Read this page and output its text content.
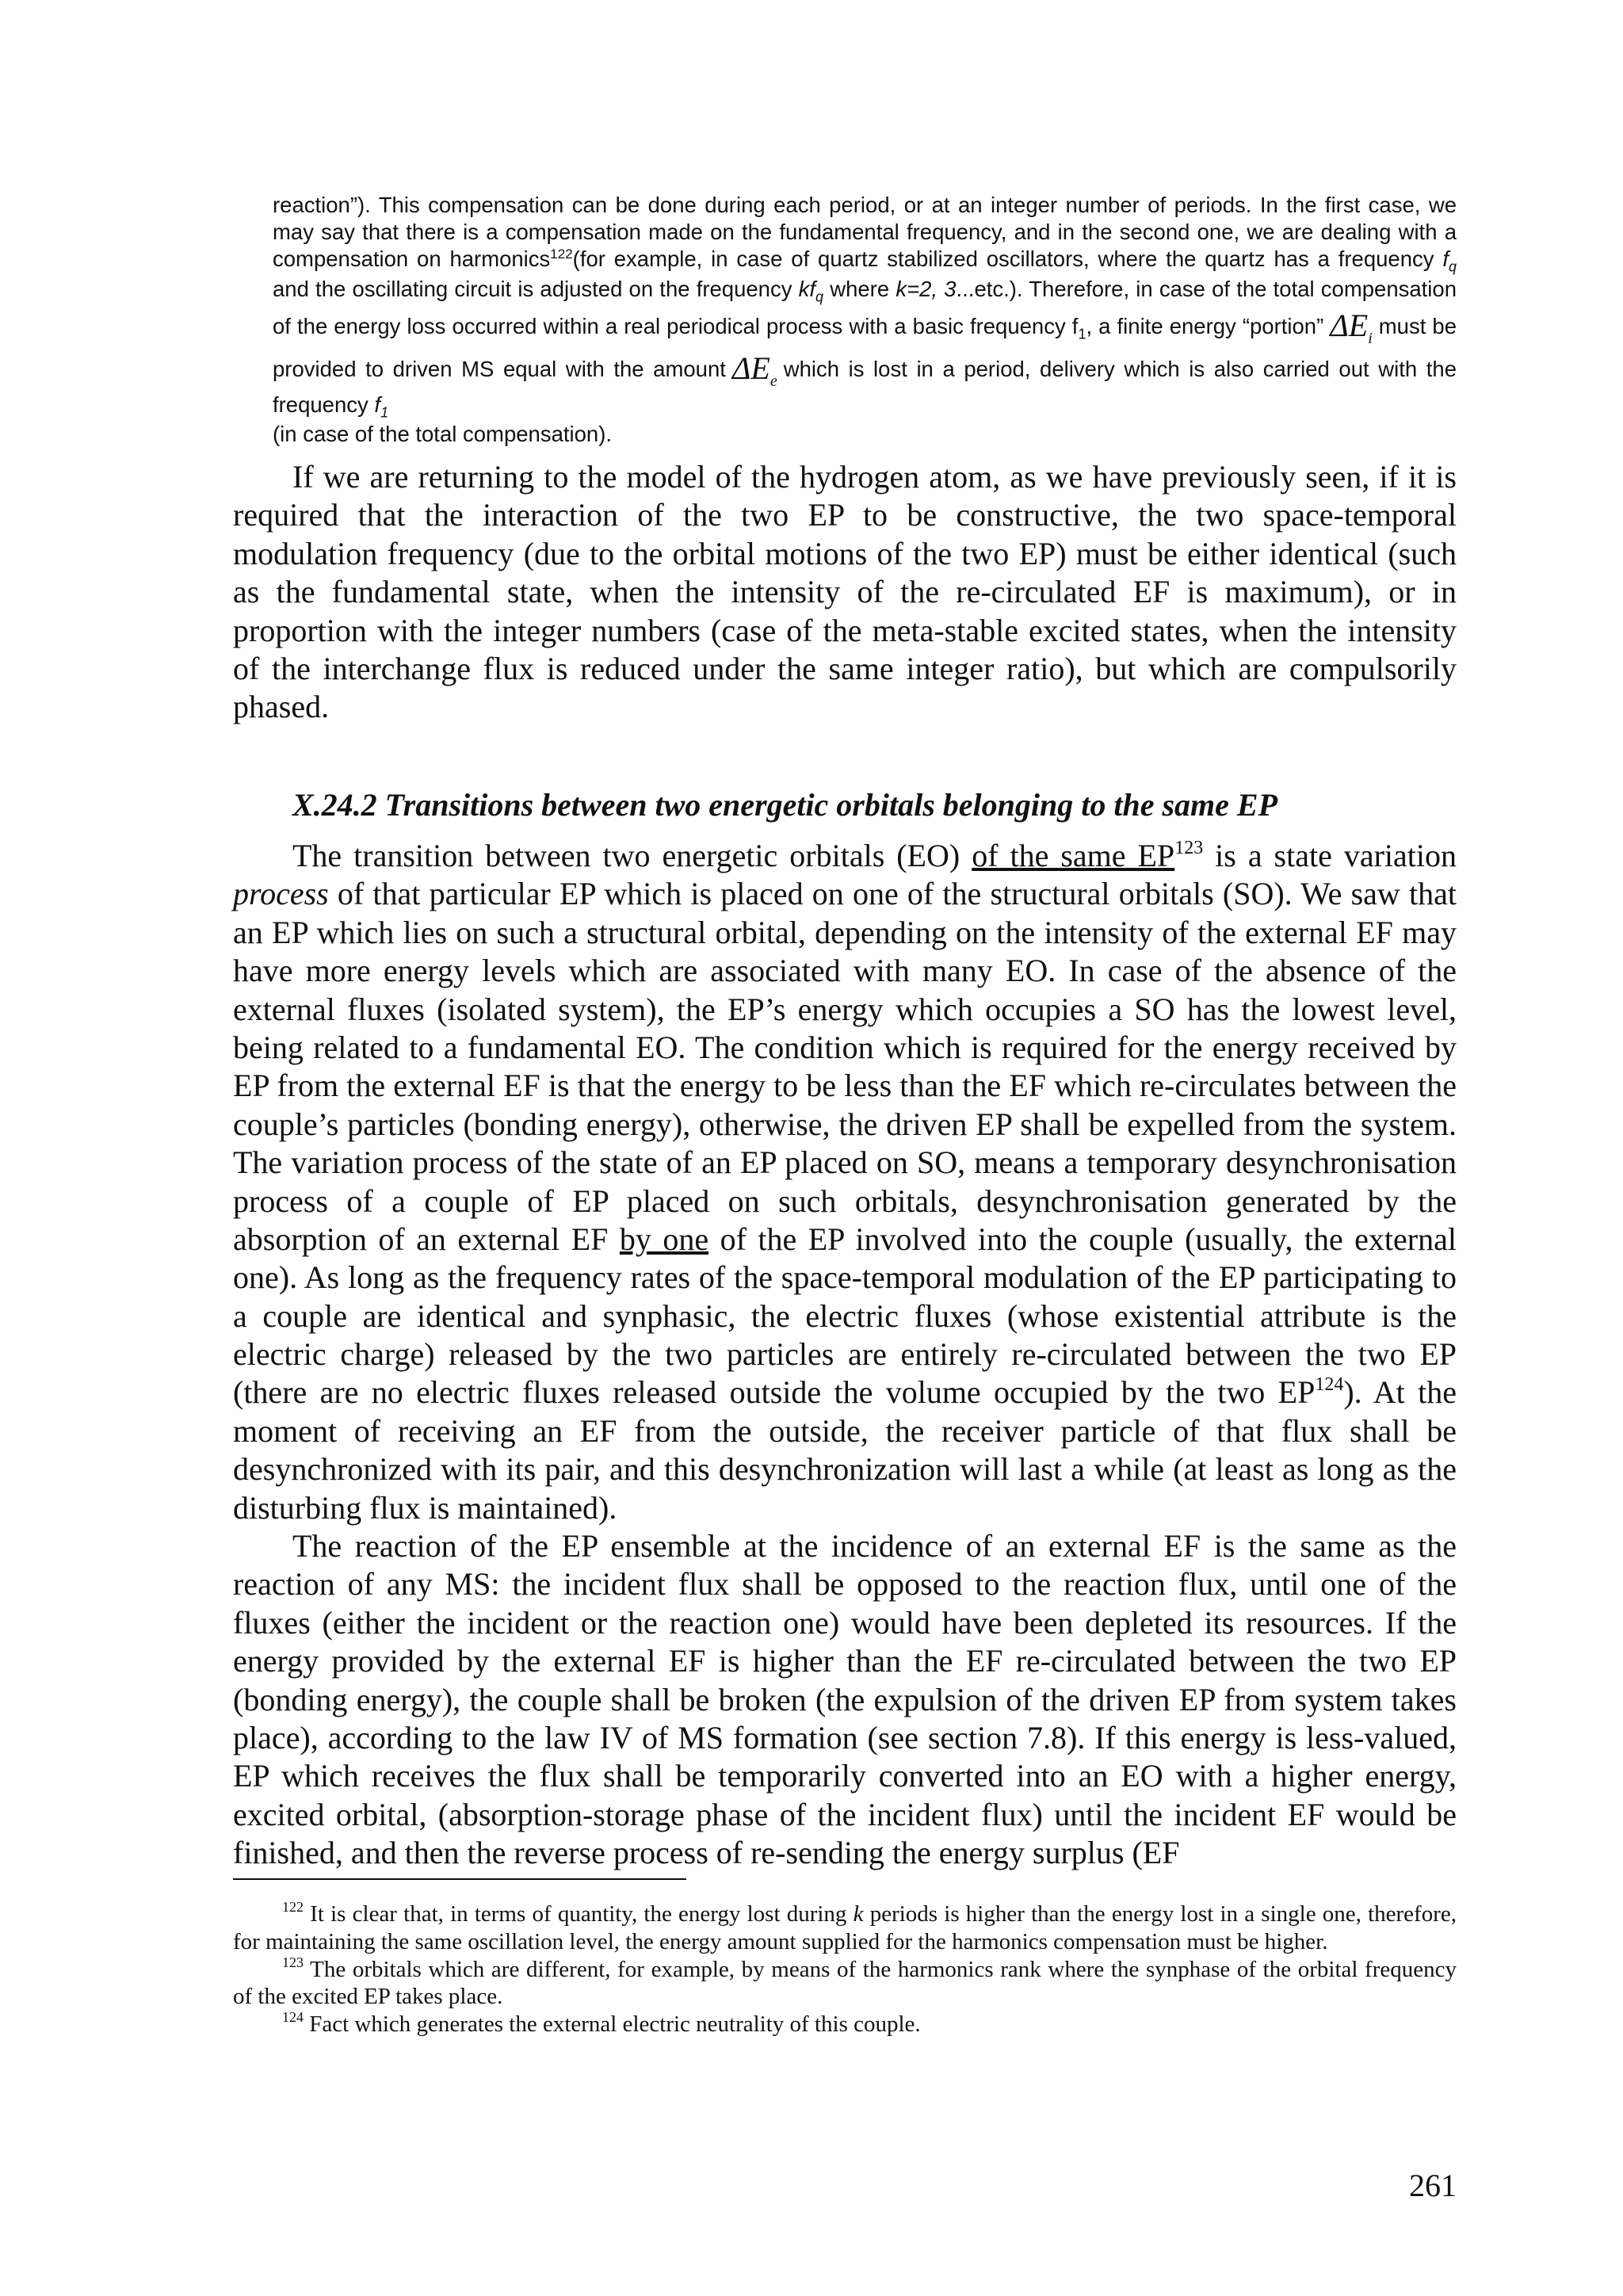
reaction”). This compensation can be done during each period, or at an integer number of periods. In the first case, we may say that there is a compensation made on the fundamental frequency, and in the second one, we are dealing with a compensation on harmonics$^{122}$(for example, in case of quartz stabilized oscillators, where the quartz has a frequency $f_q$ and the oscillating circuit is adjusted on the frequency $kf_q$ where k=2, 3...etc.). Therefore, in case of the total compensation of the energy loss occurred within a real periodical process with a basic frequency $f_1$, a finite energy “portion” $\Delta E_i$ must be provided to driven MS equal with the amount $\Delta E_e$ which is lost in a period, delivery which is also carried out with the frequency $f_1$
(in case of the total compensation).

If we are returning to the model of the hydrogen atom, as we have previously seen, if it is required that the interaction of the two EP to be constructive, the two space-temporal modulation frequency (due to the orbital motions of the two EP) must be either identical (such as the fundamental state, when the intensity of the re-circulated EF is maximum), or in proportion with the integer numbers (case of the meta-stable excited states, when the intensity of the interchange flux is reduced under the same integer ratio), but which are compulsorily phased.

X.24.2 Transitions between two energetic orbitals belonging to the same EP

The transition between two energetic orbitals (EO) of the same EP$^{123}$ is a state variation process of that particular EP which is placed on one of the structural orbitals (SO). We saw that an EP which lies on such a structural orbital, depending on the intensity of the external EF may have more energy levels which are associated with many EO. In case of the absence of the external fluxes (isolated system), the EP’s energy which occupies a SO has the lowest level, being related to a fundamental EO. The condition which is required for the energy received by EP from the external EF is that the energy to be less than the EF which re-circulates between the couple’s particles (bonding energy), otherwise, the driven EP shall be expelled from the system. The variation process of the state of an EP placed on SO, means a temporary desynchronisation process of a couple of EP placed on such orbitals, desynchronisation generated by the absorption of an external EF by one of the EP involved into the couple (usually, the external one). As long as the frequency rates of the space-temporal modulation of the EP participating to a couple are identical and synphasic, the electric fluxes (whose existential attribute is the electric charge) released by the two particles are entirely re-circulated between the two EP (there are no electric fluxes released outside the volume occupied by the two EP$^{124}$). At the moment of receiving an EF from the outside, the receiver particle of that flux shall be desynchronized with its pair, and this desynchronization will last a while (at least as long as the disturbing flux is maintained).

The reaction of the EP ensemble at the incidence of an external EF is the same as the reaction of any MS: the incident flux shall be opposed to the reaction flux, until one of the fluxes (either the incident or the reaction one) would have been depleted its resources. If the energy provided by the external EF is higher than the EF re-circulated between the two EP (bonding energy), the couple shall be broken (the expulsion of the driven EP from system takes place), according to the law IV of MS formation (see section 7.8). If this energy is less-valued, EP which receives the flux shall be temporarily converted into an EO with a higher energy, excited orbital, (absorption-storage phase of the incident flux) until the incident EF would be finished, and then the reverse process of re-sending the energy surplus (EF

$^{122}$ It is clear that, in terms of quantity, the energy lost during k periods is higher than the energy lost in a single one, therefore, for maintaining the same oscillation level, the energy amount supplied for the harmonics compensation must be higher.

$^{123}$ The orbitals which are different, for example, by means of the harmonics rank where the synphase of the orbital frequency of the excited EP takes place.

$^{124}$ Fact which generates the external electric neutrality of this couple.

261
